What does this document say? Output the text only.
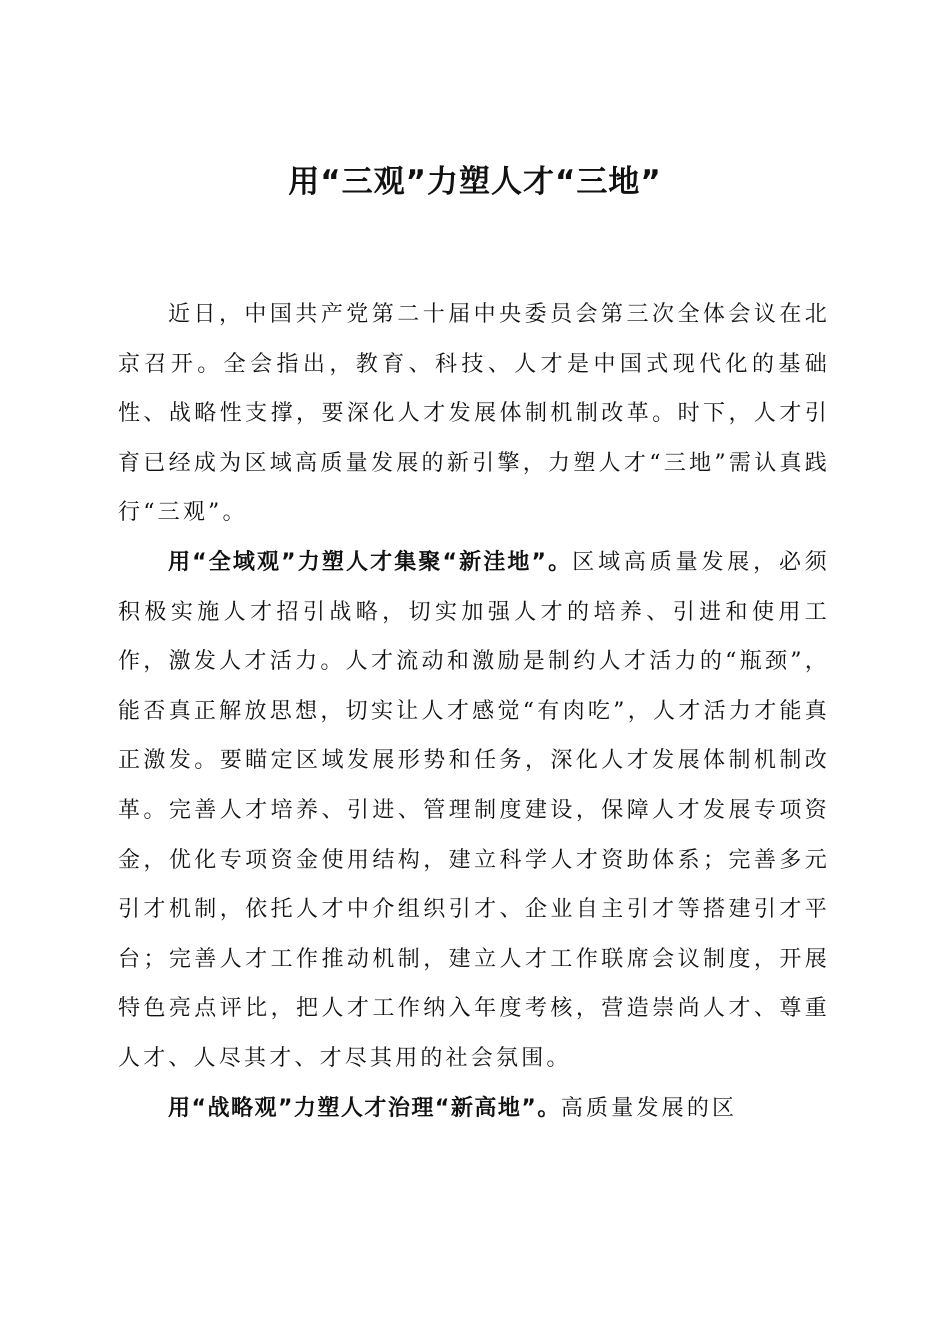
用“三观”力塑人才“三地”

近日，中国共产党第二十届中央委员会第三次全体会议在北京召开。全会指出，教育、科技、人才是中国式现代化的基础性、战略性支撑，要深化人才发展体制机制改革。时下，人才引育已经成为区域高质量发展的新引擎，力塑人才“三地”需认真践行“三观”。

用“全域观”力塑人才集聚“新洼地”。区域高质量发展，必须积极实施人才招引战略，切实加强人才的培养、引进和使用工作，激发人才活力。人才流动和激励是制约人才活力的“瓶颈”，能否真正解放思想，切实让人才感觉“有肉吃”，人才活力才能真正激发。要瞄定区域发展形势和任务，深化人才发展体制机制改革。完善人才培养、引进、管理制度建设，保障人才发展专项资金，优化专项资金使用结构，建立科学人才资助体系；完善多元引才机制，依托人才中介组织引才、企业自主引才等搭建引才平台；完善人才工作推动机制，建立人才工作联席会议制度，开展特色亮点评比，把人才工作纳入年度考核，营造崇尚人才、尊重人才、人尽其才、才尽其用的社会氛围。

用“战略观”力塑人才治理“新高地”。高质量发展的区
